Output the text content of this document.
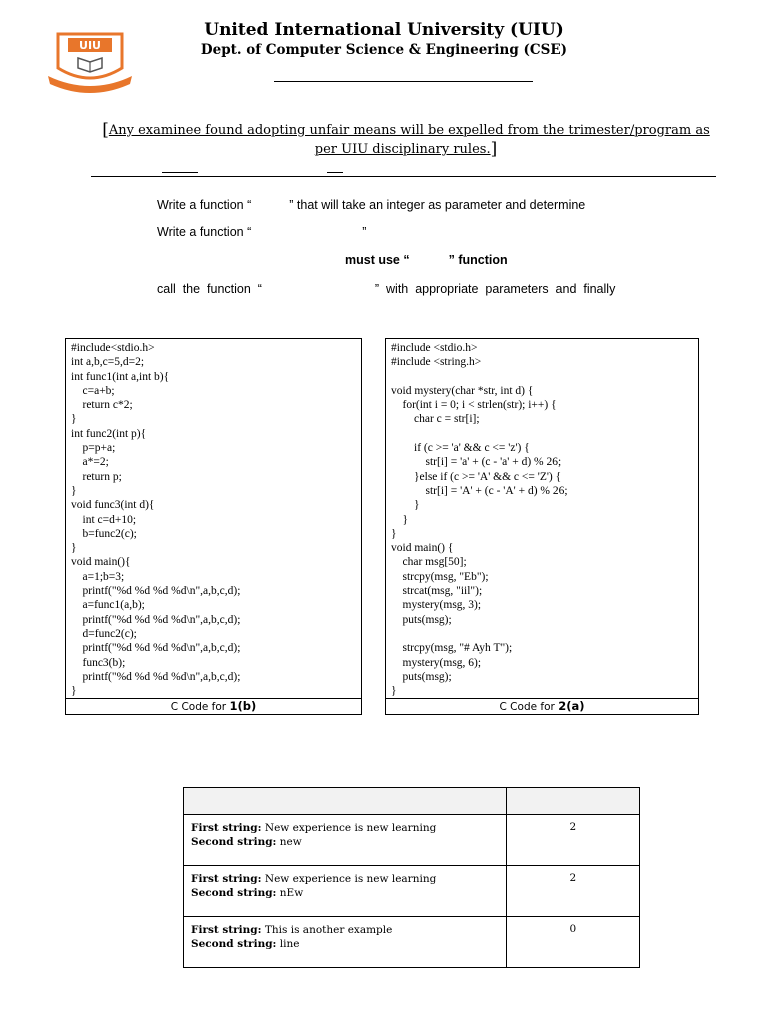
UIU
United International University (UIU)
Dept. of Computer Science & Engineering (CSE)
[Any examinee found adopting unfair means will be expelled from the trimester/program as
per UIU disciplinary rules.]
Write a function “	” that will take an integer as parameter and determine
Write a function “	”
must use “	” function
call  the  function  “	”  with  appropriate  parameters  and  finally
#include<stdio.h>
int a,b,c=5,d=2;
int func1(int a,int b){
c=a+b;
return c*2;
}
int func2(int p){
p=p+a;
a*=2;
return p;
}
void func3(int d){
int c=d+10;
b=func2(c);
}
void main(){
a=1;b=3;
printf("%d %d %d %d\n",a,b,c,d);
a=func1(a,b);
printf("%d %d %d %d\n",a,b,c,d);
d=func2(c);
printf("%d %d %d %d\n",a,b,c,d);
func3(b);
printf("%d %d %d %d\n",a,b,c,d);
}
C Code for 1(b)
#include <stdio.h>
#include <string.h>

void mystery(char *str, int d) {
for(int i = 0; i < strlen(str); i++) {
char c = str[i];

if (c >= 'a' && c <= 'z') {
str[i] = 'a' + (c - 'a' + d) % 26;
}else if (c >= 'A' && c <= 'Z') {
str[i] = 'A' + (c - 'A' + d) % 26;
}
}
}
void main() {
char msg[50];
strcpy(msg, "Eb");
strcat(msg, "iil");
mystery(msg, 3);
puts(msg);

strcpy(msg, "# Ayh T");
mystery(msg, 6);
puts(msg);
}
C Code for 2(a)

First string: New experience is new learning
Second string: new	2

First string: New experience is new learning
Second string: nEw	2

First string: This is another example
Second string: line	0
